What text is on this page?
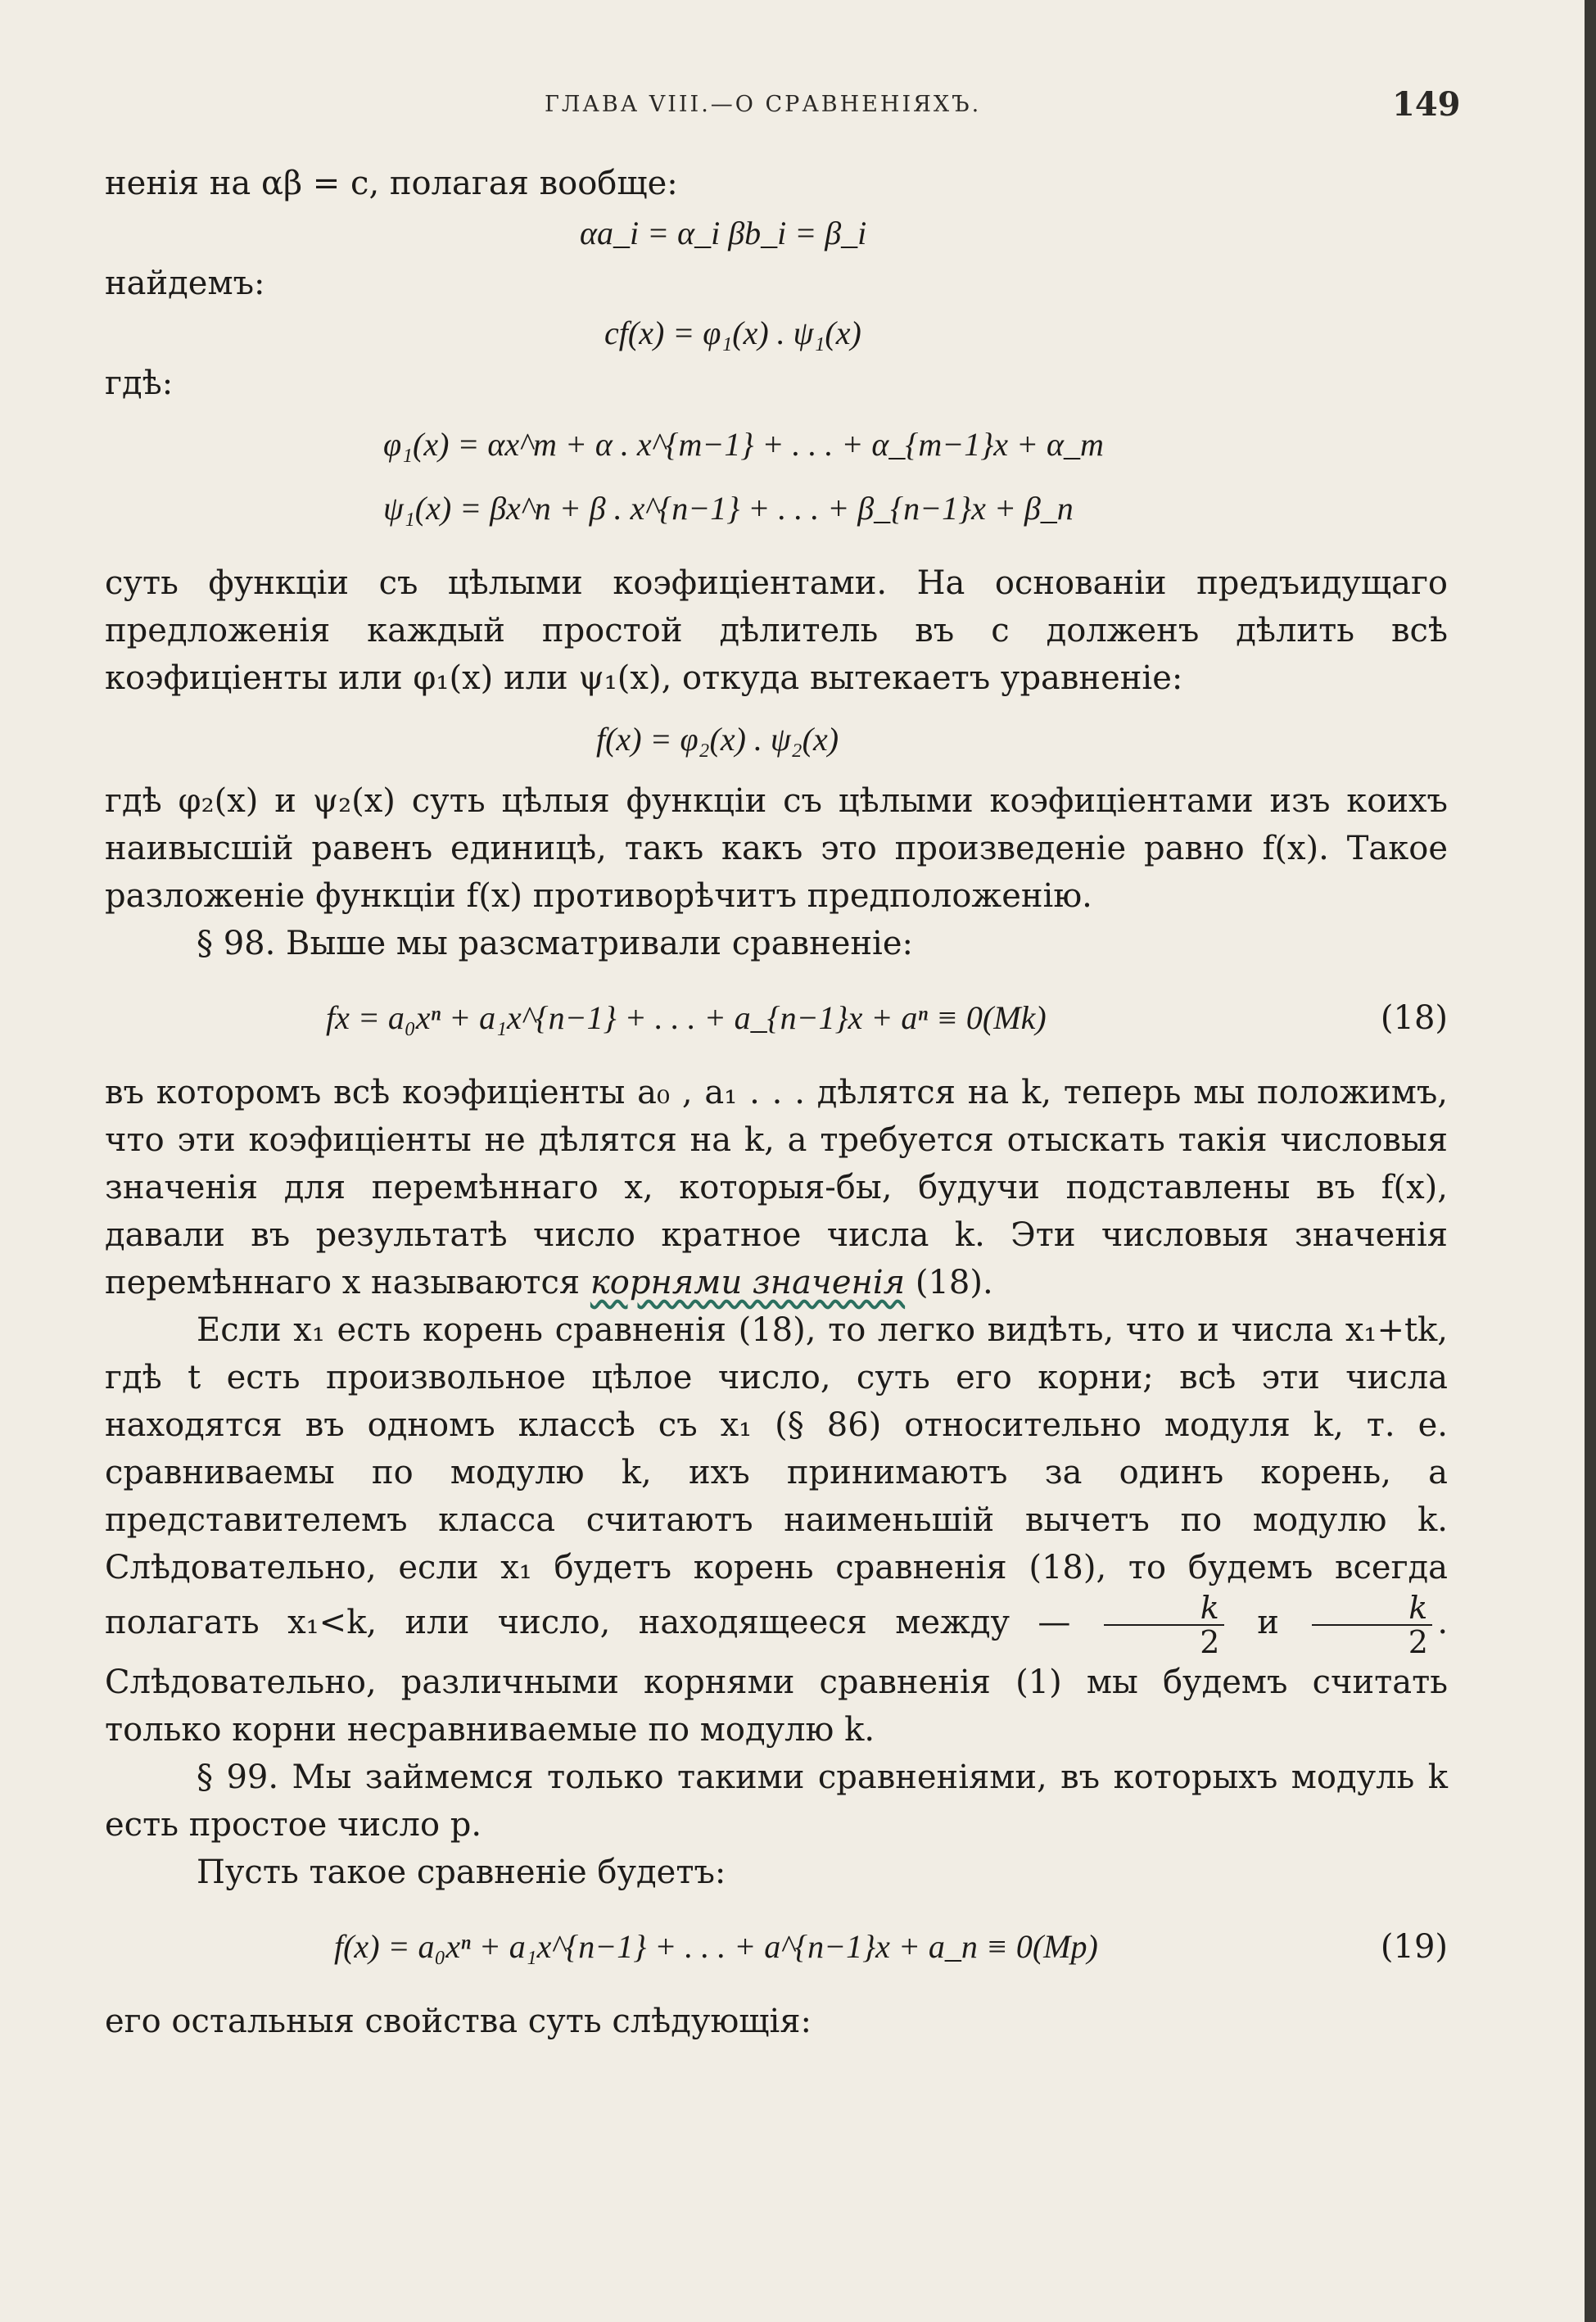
ГЛАВА VIII.—О СРАВНЕНІЯХЪ.	149

ненія на αβ = c, полагая вообще:

αa_i = α_i βb_i = β_i

найдемъ:

cf(x) = φ₁(x) . ψ₁(x)

гдѣ:

φ₁(x) = αx^m + α . x^{m−1} + . . . + α_{m−1}x + α_m
ψ₁(x) = βx^n + β . x^{n−1} + . . . + β_{n−1}x + β_n

суть функціи съ цѣлыми коэфиціентами. На основаніи предъидущаго предложенія каждый простой дѣлитель въ c долженъ дѣлить всѣ коэфиціенты или φ₁(x) или ψ₁(x), откуда вытекаетъ уравненіе:

f(x) = φ₂(x) . ψ₂(x)

гдѣ φ₂(x) и ψ₂(x) суть цѣлыя функціи съ цѣлыми коэфиціентами изъ коихъ наивысшій равенъ единицѣ, такъ какъ это произведеніе равно f(x). Такое разложеніе функціи f(x) противорѣчитъ предположенію.

§ 98. Выше мы разсматривали сравненіе:

fx = a₀xⁿ + a₁x^{n−1} + . . . + a_{n−1}x + aⁿ ≡ 0(Mk)	(18)

въ которомъ всѣ коэфиціенты a₀ , a₁ . . . дѣлятся на k, теперь мы положимъ, что эти коэфиціенты не дѣлятся на k, а требуется отыскать такія числовыя значенія для перемѣннаго x, которыя-бы, будучи подставлены въ f(x), давали въ результатѣ число кратное числа k. Эти числовыя значенія перемѣннаго x называются корнями значенія (18).

Если x₁ есть корень сравненія (18), то легко видѣть, что и числа x₁+tk, гдѣ t есть произвольное цѣлое число, суть его корни; всѣ эти числа находятся въ одномъ классѣ съ x₁ (§ 86) относительно модуля k, т. е. сравниваемы по модулю k, ихъ принимаютъ за одинъ корень, а представителемъ класса считаютъ наименьшій вычетъ по модулю k. Слѣдовательно, если x₁ будетъ корень сравненія (18), то будемъ всегда полагать x₁<k, или число, находящееся между — $\frac{k}{2}$ и $\frac{k}{2}$ . Слѣдовательно, различными корнями сравненія (1) мы будемъ считать только корни несравниваемые по модулю k.

§ 99. Мы займемся только такими сравненіями, въ которыхъ модуль k есть простое число p.

Пусть такое сравненіе будетъ:

f(x) = a₀xⁿ + a₁x^{n−1} + . . . + a^{n−1}x + a_n ≡ 0(Mp)	(19)

его остальныя свойства суть слѣдующія:
